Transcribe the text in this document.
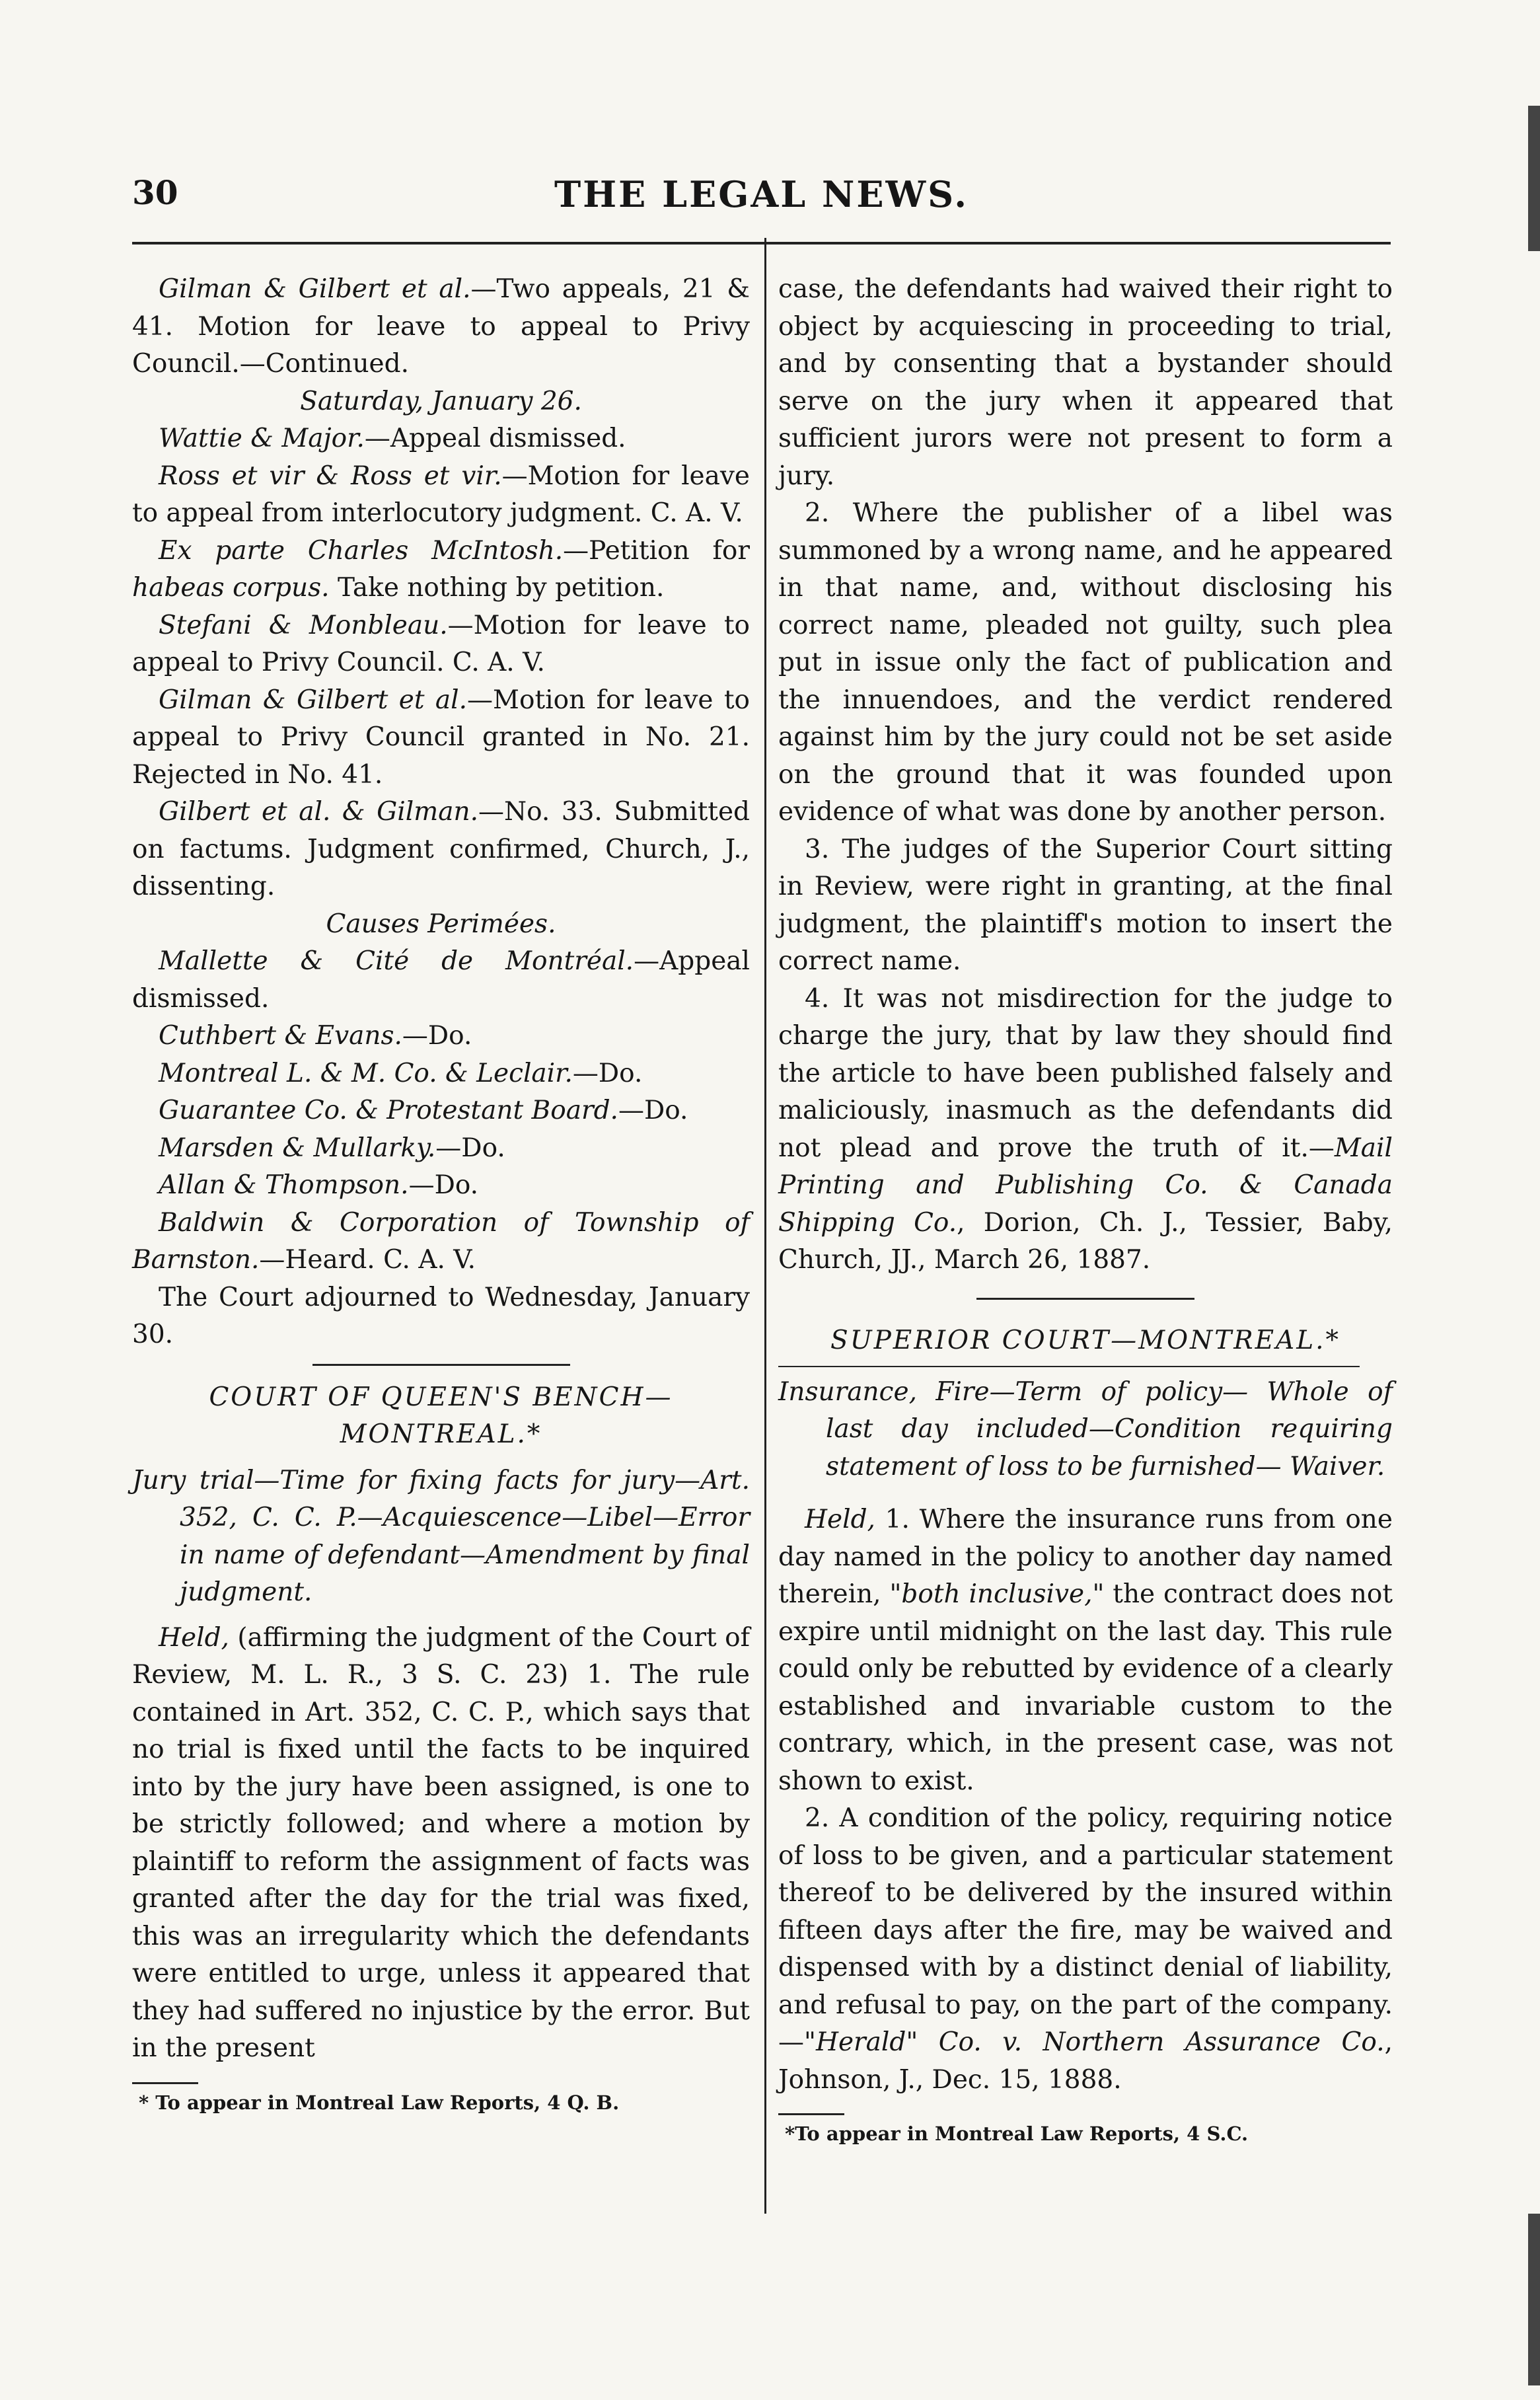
30	THE LEGAL NEWS.

Gilman & Gilbert et al.—Two appeals, 21 & 41. Motion for leave to appeal to Privy Council.—Continued.

Saturday, January 26.

Wattie & Major.—Appeal dismissed.

Ross et vir & Ross et vir.—Motion for leave to appeal from interlocutory judgment. C. A. V.

Ex parte Charles McIntosh.—Petition for habeas corpus. Take nothing by petition.

Stefani & Monbleau.—Motion for leave to appeal to Privy Council. C. A. V.

Gilman & Gilbert et al.—Motion for leave to appeal to Privy Council granted in No. 21. Rejected in No. 41.

Gilbert et al. & Gilman.—No. 33. Submitted on factums. Judgment confirmed, Church, J., dissenting.

Causes Perimées.

Mallette & Cité de Montréal.—Appeal dismissed.

Cuthbert & Evans.—Do.

Montreal L. & M. Co. & Leclair.—Do.

Guarantee Co. & Protestant Board.—Do.

Marsden & Mullarky.—Do.

Allan & Thompson.—Do.

Baldwin & Corporation of Township of Barnston.—Heard. C. A. V.

The Court adjourned to Wednesday, January 30.

COURT OF QUEEN'S BENCH—MONTREAL.*

Jury trial—Time for fixing facts for jury—Art. 352, C. C. P.—Acquiescence—Libel—Error in name of defendant—Amendment by final judgment.

Held, (affirming the judgment of the Court of Review, M. L. R., 3 S. C. 23) 1. The rule contained in Art. 352, C. C. P., which says that no trial is fixed until the facts to be inquired into by the jury have been assigned, is one to be strictly followed; and where a motion by plaintiff to reform the assignment of facts was granted after the day for the trial was fixed, this was an irregularity which the defendants were entitled to urge, unless it appeared that they had suffered no injustice by the error. But in the present

* To appear in Montreal Law Reports, 4 Q. B.

case, the defendants had waived their right to object by acquiescing in proceeding to trial, and by consenting that a bystander should serve on the jury when it appeared that sufficient jurors were not present to form a jury.

2. Where the publisher of a libel was summoned by a wrong name, and he appeared in that name, and, without disclosing his correct name, pleaded not guilty, such plea put in issue only the fact of publication and the innuendoes, and the verdict rendered against him by the jury could not be set aside on the ground that it was founded upon evidence of what was done by another person.

3. The judges of the Superior Court sitting in Review, were right in granting, at the final judgment, the plaintiff's motion to insert the correct name.

4. It was not misdirection for the judge to charge the jury, that by law they should find the article to have been published falsely and maliciously, inasmuch as the defendants did not plead and prove the truth of it.—Mail Printing and Publishing Co. & Canada Shipping Co., Dorion, Ch. J., Tessier, Baby, Church, JJ., March 26, 1887.

SUPERIOR COURT—MONTREAL.*

Insurance, Fire—Term of policy— Whole of last day included—Condition requiring statement of loss to be furnished— Waiver.

Held, 1. Where the insurance runs from one day named in the policy to another day named therein, "both inclusive," the contract does not expire until midnight on the last day. This rule could only be rebutted by evidence of a clearly established and invariable custom to the contrary, which, in the present case, was not shown to exist.

2. A condition of the policy, requiring notice of loss to be given, and a particular statement thereof to be delivered by the insured within fifteen days after the fire, may be waived and dispensed with by a distinct denial of liability, and refusal to pay, on the part of the company.—"Herald" Co. v. Northern Assurance Co., Johnson, J., Dec. 15, 1888.

*To appear in Montreal Law Reports, 4 S.C.
